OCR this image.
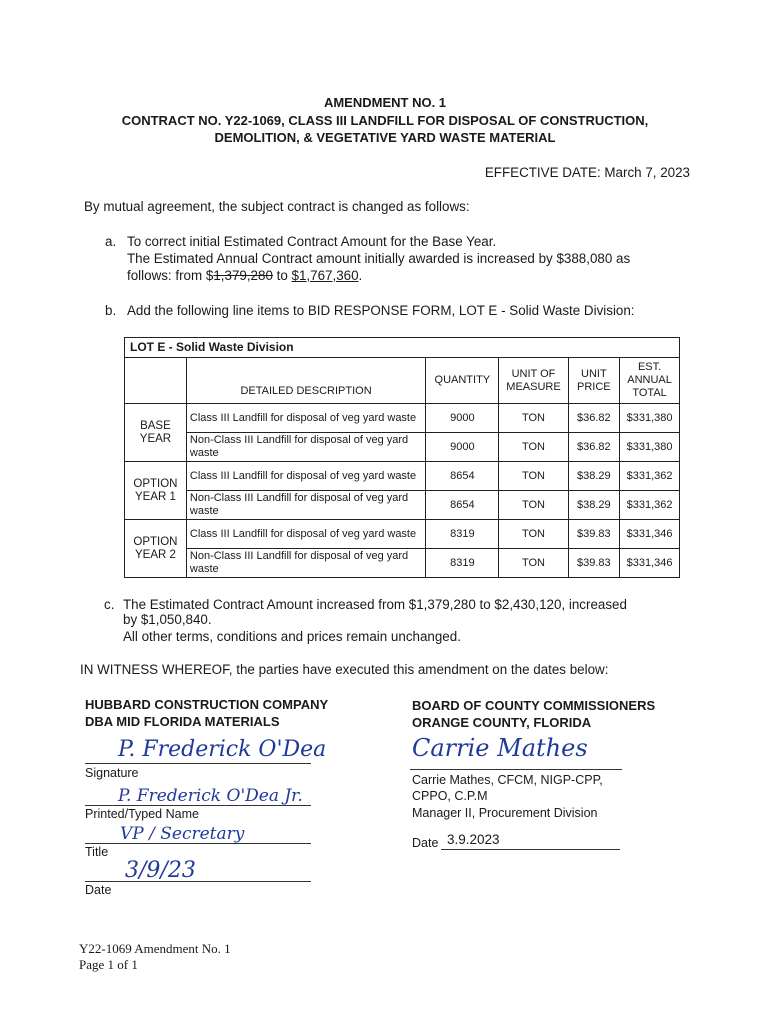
AMENDMENT NO. 1
CONTRACT NO. Y22-1069, CLASS III LANDFILL FOR DISPOSAL OF CONSTRUCTION,
DEMOLITION, & VEGETATIVE YARD WASTE MATERIAL
EFFECTIVE DATE: March 7, 2023
By mutual agreement, the subject contract is changed as follows:
a. To correct initial Estimated Contract Amount for the Base Year.
The Estimated Annual Contract amount initially awarded is increased by $388,080 as
follows: from $1,379,280 to $1,767,360.
b. Add the following line items to BID RESPONSE FORM, LOT E - Solid Waste Division:
LOT E - Solid Waste Division					
	DETAILED DESCRIPTION	QUANTITY	UNIT OF MEASURE	UNIT PRICE	EST. ANNUAL TOTAL
BASE YEAR	Class III Landfill for disposal of veg yard waste	9000	TON	$36.82	$331,380
	Non-Class III Landfill for disposal of veg yard waste	9000	TON	$36.82	$331,380
OPTION YEAR 1	Class III Landfill for disposal of veg yard waste	8654	TON	$38.29	$331,362
	Non-Class III Landfill for disposal of veg yard waste	8654	TON	$38.29	$331,362
OPTION YEAR 2	Class III Landfill for disposal of veg yard waste	8319	TON	$39.83	$331,346
	Non-Class III Landfill for disposal of veg yard waste	8319	TON	$39.83	$331,346
c. The Estimated Contract Amount increased from $1,379,280 to $2,430,120, increased
by $1,050,840.
All other terms, conditions and prices remain unchanged.
IN WITNESS WHEREOF, the parties have executed this amendment on the dates below:
HUBBARD CONSTRUCTION COMPANY
DBA MID FLORIDA MATERIALS
P. Frederick O'Dea
Signature
P. Frederick O'Dea Jr.
Printed/Typed Name
VP / Secretary
Title
3/9/23
Date
BOARD OF COUNTY COMMISSIONERS
ORANGE COUNTY, FLORIDA
Carrie Mathes
Carrie Mathes, CFCM, NIGP-CPP,
CPPO, C.P.M
Manager II, Procurement Division
Date 3.9.2023
Y22-1069 Amendment No. 1
Page 1 of 1
